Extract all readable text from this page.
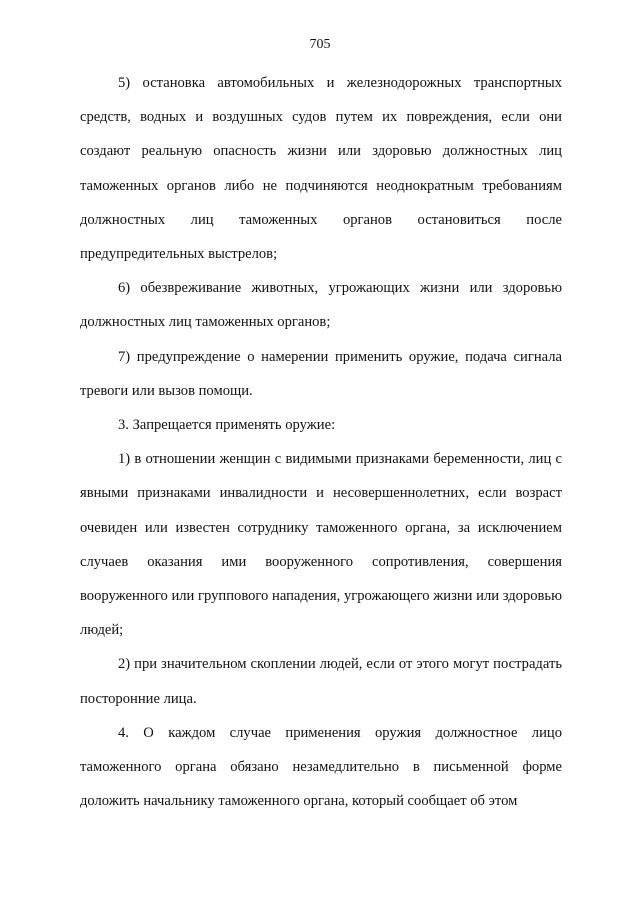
705

5) остановка автомобильных и железнодорожных транспортных средств, водных и воздушных судов путем их повреждения, если они создают реальную опасность жизни или здоровью должностных лиц таможенных органов либо не подчиняются неоднократным требованиям должностных лиц таможенных органов остановиться после предупредительных выстрелов;

6) обезвреживание животных, угрожающих жизни или здоровью должностных лиц таможенных органов;

7) предупреждение о намерении применить оружие, подача сигнала тревоги или вызов помощи.

3. Запрещается применять оружие:

1) в отношении женщин с видимыми признаками беременности, лиц с явными признаками инвалидности и несовершеннолетних, если возраст очевиден или известен сотруднику таможенного органа, за исключением случаев оказания ими вооруженного сопротивления, совершения вооруженного или группового нападения, угрожающего жизни или здоровью людей;

2) при значительном скоплении людей, если от этого могут пострадать посторонние лица.

4. О каждом случае применения оружия должностное лицо таможенного органа обязано незамедлительно в письменной форме доложить начальнику таможенного органа, который сообщает об этом
